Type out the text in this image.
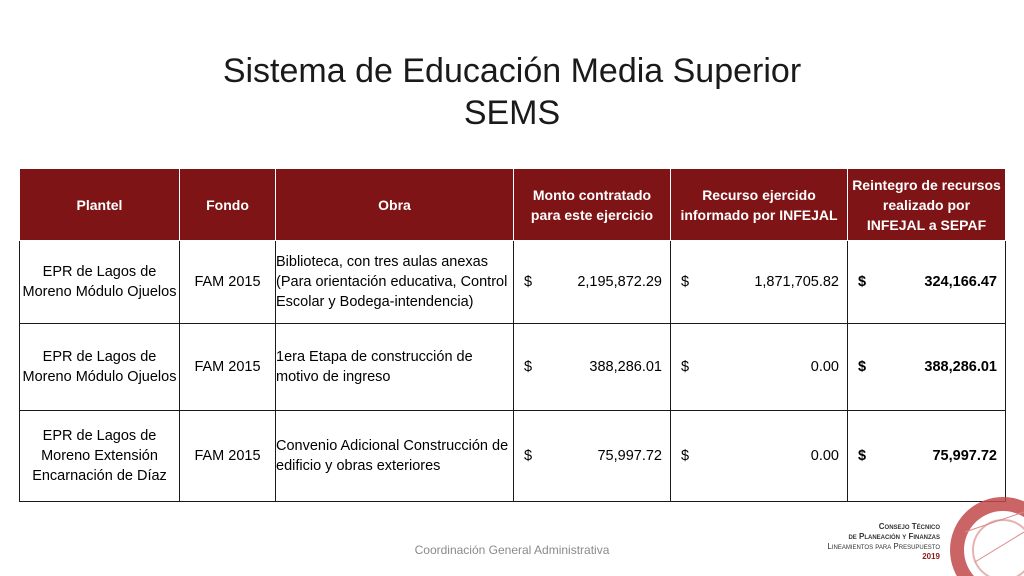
Sistema de Educación Media Superior
SEMS
Plantel	Fondo	Obra	Monto contratado para este ejercicio	Recurso ejercido informado por INFEJAL	Reintegro de recursos realizado por INFEJAL a SEPAF
EPR de Lagos de Moreno Módulo Ojuelos	FAM 2015	Biblioteca, con tres aulas anexas (Para orientación educativa, Control Escolar y Bodega-intendencia)	$ 2,195,872.29	$ 1,871,705.82	$ 324,166.47

EPR de Lagos de Moreno Módulo Ojuelos	FAM 2015	1era Etapa de construcción de motivo de ingreso	$ 388,286.01	$ 0.00	$ 388,286.01

EPR de Lagos de Moreno Extensión Encarnación de Díaz	FAM 2015	Convenio Adicional Construcción de edificio y obras exteriores	$ 75,997.72	$ 0.00	$ 75,997.72
Coordinación General Administrativa
Consejo Técnico
de Planeación y Finanzas
Lineamientos para Presupuesto
2019
